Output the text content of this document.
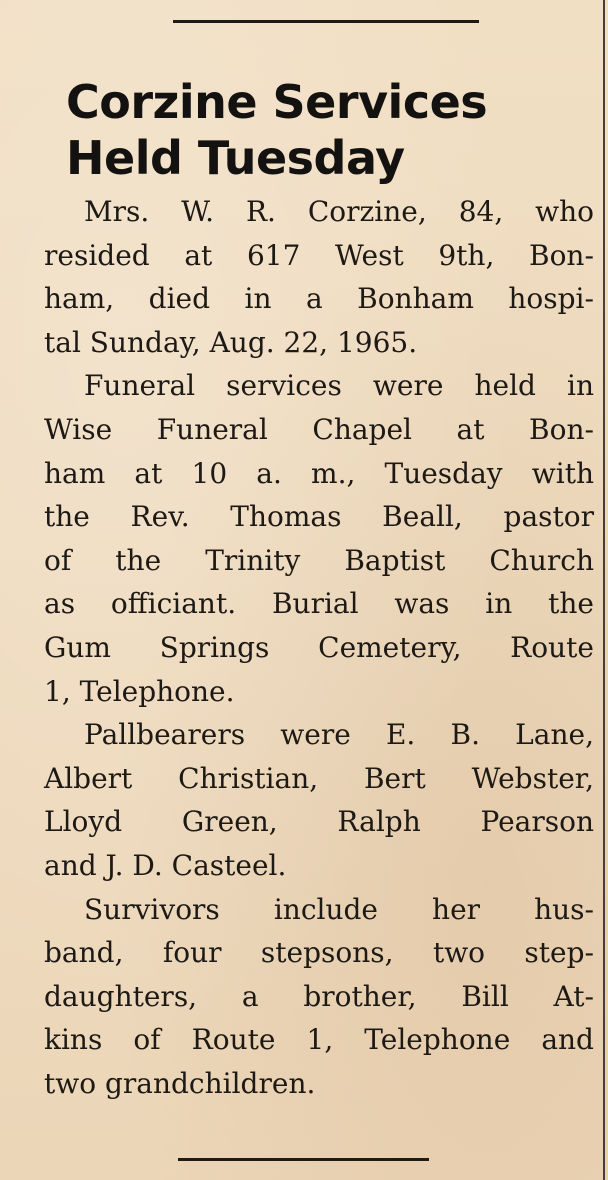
Corzine Services
Held Tuesday
Mrs. W. R. Corzine, 84, who
resided at 617 West 9th, Bon-
ham, died in a Bonham hospi-
tal Sunday, Aug. 22, 1965.
Funeral services were held in
Wise Funeral Chapel at Bon-
ham at 10 a. m., Tuesday with
the Rev. Thomas Beall, pastor
of the Trinity Baptist Church
as officiant. Burial was in the
Gum Springs Cemetery, Route
1, Telephone.
Pallbearers were E. B. Lane,
Albert Christian, Bert Webster,
Lloyd Green, Ralph Pearson
and J. D. Casteel.
Survivors include her hus-
band, four stepsons, two step-
daughters, a brother, Bill At-
kins of Route 1, Telephone and
two grandchildren.
